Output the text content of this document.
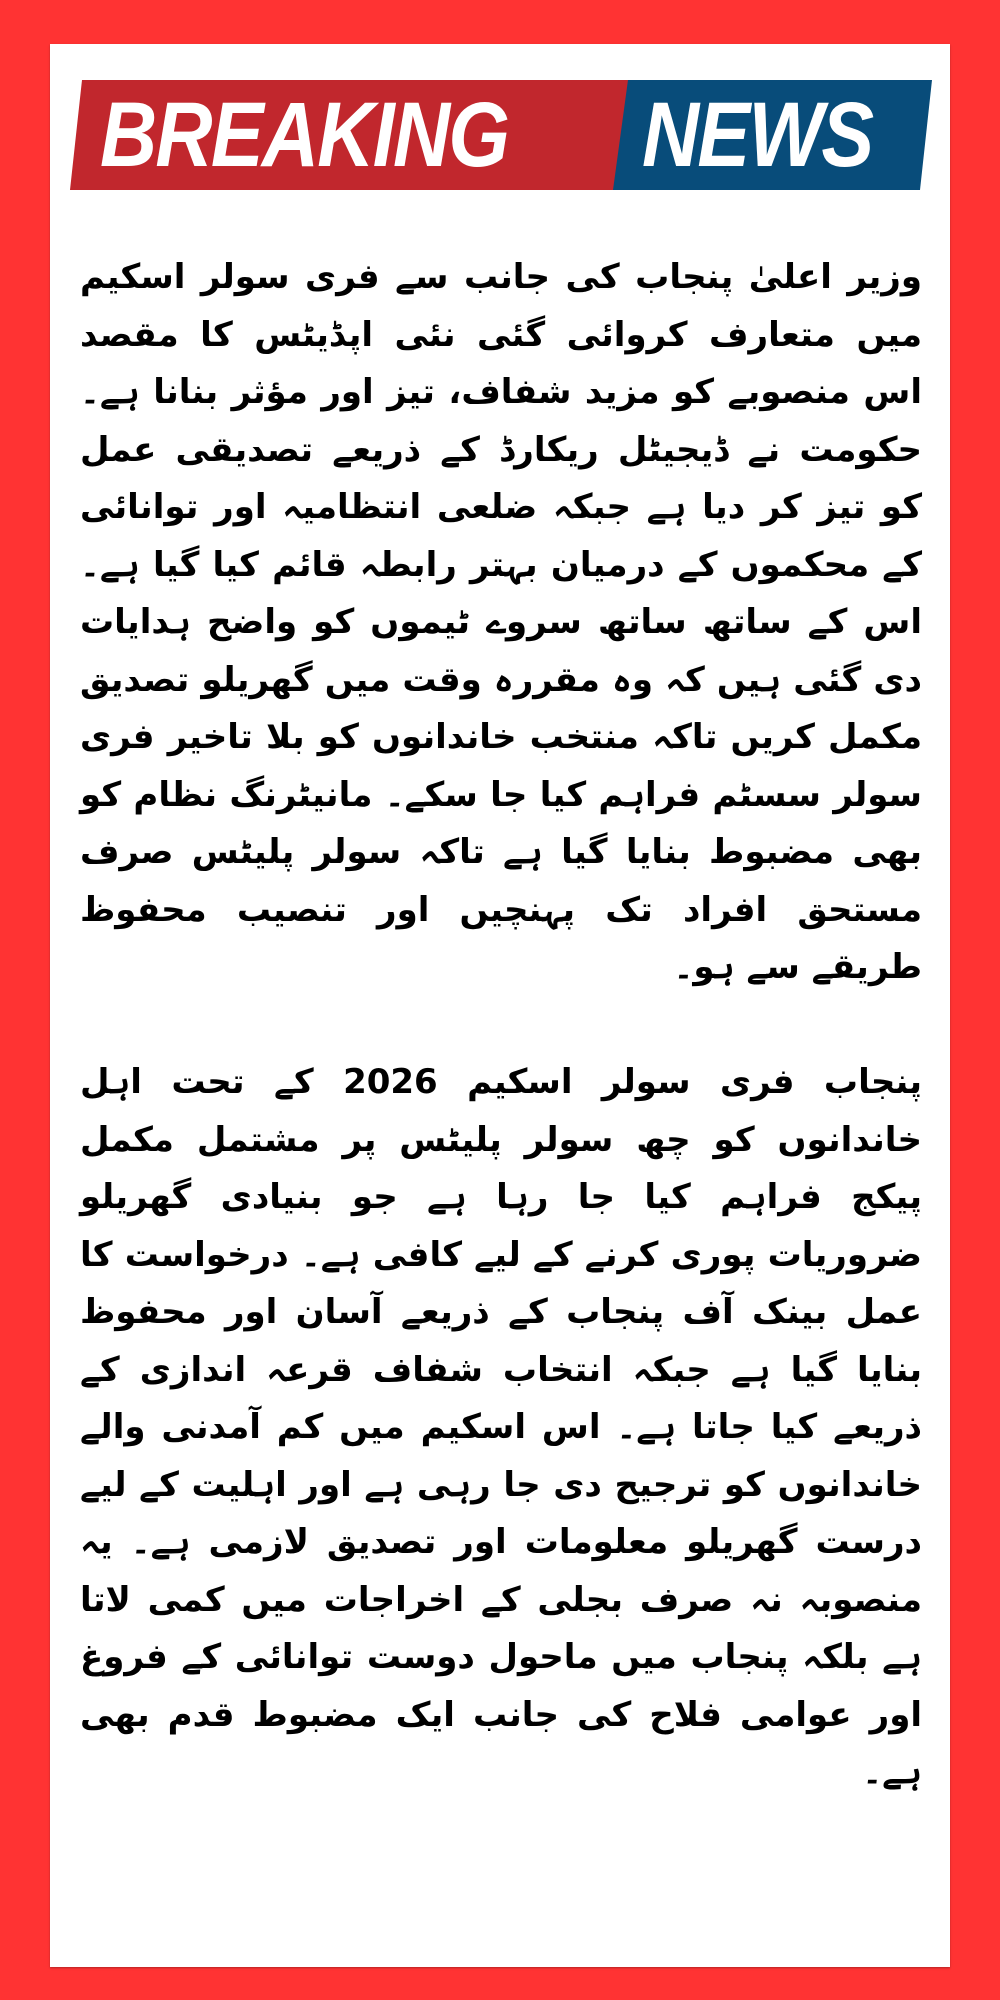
BREAKING NEWS

وزیر اعلیٰ پنجاب کی جانب سے فری سولر اسکیم میں متعارف کروائی گئی نئی اپڈیٹس کا مقصد اس منصوبے کو مزید شفاف، تیز اور مؤثر بنانا ہے۔ حکومت نے ڈیجیٹل ریکارڈ کے ذریعے تصدیقی عمل کو تیز کر دیا ہے جبکہ ضلعی انتظامیہ اور توانائی کے محکموں کے درمیان بہتر رابطہ قائم کیا گیا ہے۔ اس کے ساتھ ساتھ سروے ٹیموں کو واضح ہدایات دی گئی ہیں کہ وہ مقررہ وقت میں گھریلو تصدیق مکمل کریں تاکہ منتخب خاندانوں کو بلا تاخیر فری سولر سسٹم فراہم کیا جا سکے۔ مانیٹرنگ نظام کو بھی مضبوط بنایا گیا ہے تاکہ سولر پلیٹس صرف مستحق افراد تک پہنچیں اور تنصیب محفوظ طریقے سے ہو۔

پنجاب فری سولر اسکیم 2026 کے تحت اہل خاندانوں کو چھ سولر پلیٹس پر مشتمل مکمل پیکج فراہم کیا جا رہا ہے جو بنیادی گھریلو ضروریات پوری کرنے کے لیے کافی ہے۔ درخواست کا عمل بینک آف پنجاب کے ذریعے آسان اور محفوظ بنایا گیا ہے جبکہ انتخاب شفاف قرعہ اندازی کے ذریعے کیا جاتا ہے۔ اس اسکیم میں کم آمدنی والے خاندانوں کو ترجیح دی جا رہی ہے اور اہلیت کے لیے درست گھریلو معلومات اور تصدیق لازمی ہے۔ یہ منصوبہ نہ صرف بجلی کے اخراجات میں کمی لاتا ہے بلکہ پنجاب میں ماحول دوست توانائی کے فروغ اور عوامی فلاح کی جانب ایک مضبوط قدم بھی ہے۔
